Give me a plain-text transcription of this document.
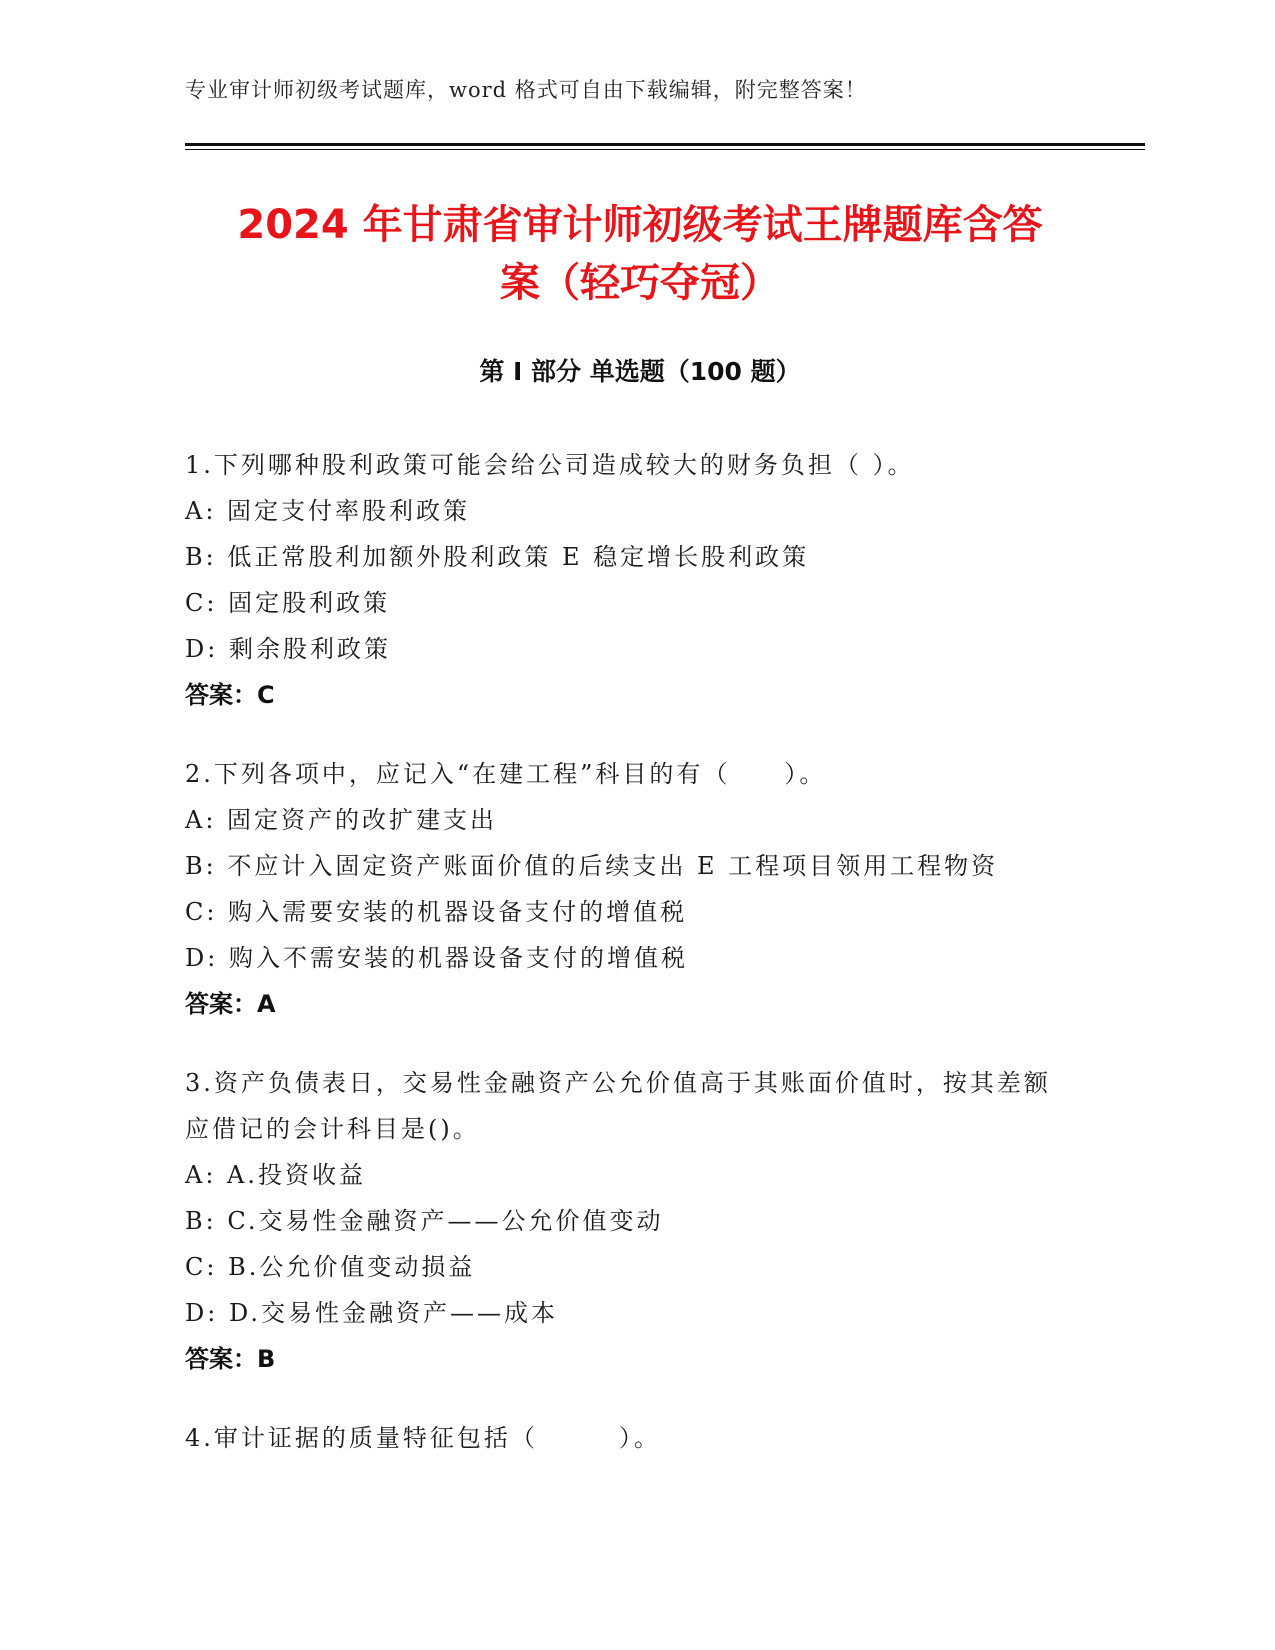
专业审计师初级考试题库，word 格式可自由下载编辑，附完整答案！
2024 年甘肃省审计师初级考试王牌题库含答
案（轻巧夺冠）
第 I 部分 单选题（100 题）
1.下列哪种股利政策可能会给公司造成较大的财务负担（ ）。
A: 固定支付率股利政策
B: 低正常股利加额外股利政策 E 稳定增长股利政策
C: 固定股利政策
D: 剩余股利政策
答案：C
2.下列各项中，应记入“在建工程”科目的有（　　）。
A: 固定资产的改扩建支出
B: 不应计入固定资产账面价值的后续支出 E 工程项目领用工程物资
C: 购入需要安装的机器设备支付的增值税
D: 购入不需安装的机器设备支付的增值税
答案：A
3.资产负债表日，交易性金融资产公允价值高于其账面价值时，按其差额应借记的会计科目是()。
A: A.投资收益
B: C.交易性金融资产——公允价值变动
C: B.公允价值变动损益
D: D.交易性金融资产——成本
答案：B
4.审计证据的质量特征包括（　　　）。
